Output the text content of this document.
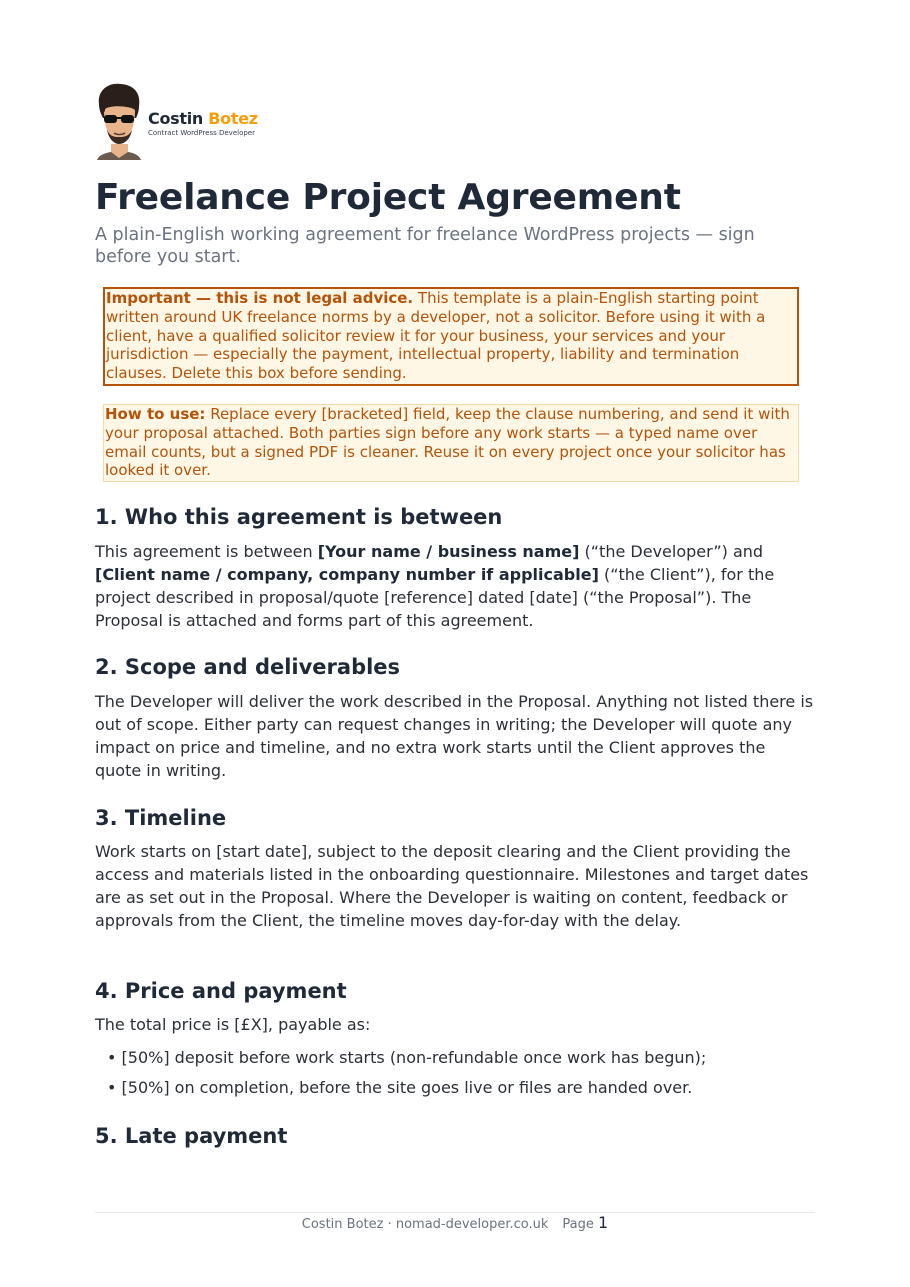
Costin Botez
Contract WordPress Developer
Freelance Project Agreement

A plain-English working agreement for freelance WordPress projects — sign before you start.

Important — this is not legal advice. This template is a plain-English starting point written around UK freelance norms by a developer, not a solicitor. Before using it with a client, have a qualified solicitor review it for your business, your services and your jurisdiction — especially the payment, intellectual property, liability and termination clauses. Delete this box before sending.
How to use: Replace every [bracketed] field, keep the clause numbering, and send it with your proposal attached. Both parties sign before any work starts — a typed name over email counts, but a signed PDF is cleaner. Reuse it on every project once your solicitor has looked it over.
1. Who this agreement is between

This agreement is between [Your name / business name] (“the Developer”) and [Client name / company, company number if applicable] (“the Client”), for the project described in proposal/quote [reference] dated [date] (“the Proposal”). The Proposal is attached and forms part of this agreement.

2. Scope and deliverables

The Developer will deliver the work described in the Proposal. Anything not listed there is out of scope. Either party can request changes in writing; the Developer will quote any impact on price and timeline, and no extra work starts until the Client approves the quote in writing.

3. Timeline

Work starts on [start date], subject to the deposit clearing and the Client providing the access and materials listed in the onboarding questionnaire. Milestones and target dates are as set out in the Proposal. Where the Developer is waiting on content, feedback or approvals from the Client, the timeline moves day-for-day with the delay.

4. Price and payment

The total price is [£X], payable as:

• [50%] deposit before work starts (non-refundable once work has begun);
• [50%] on completion, before the site goes live or files are handed over.
5. Late payment
Costin Botez · nomad-developer.co.uk Page 1
